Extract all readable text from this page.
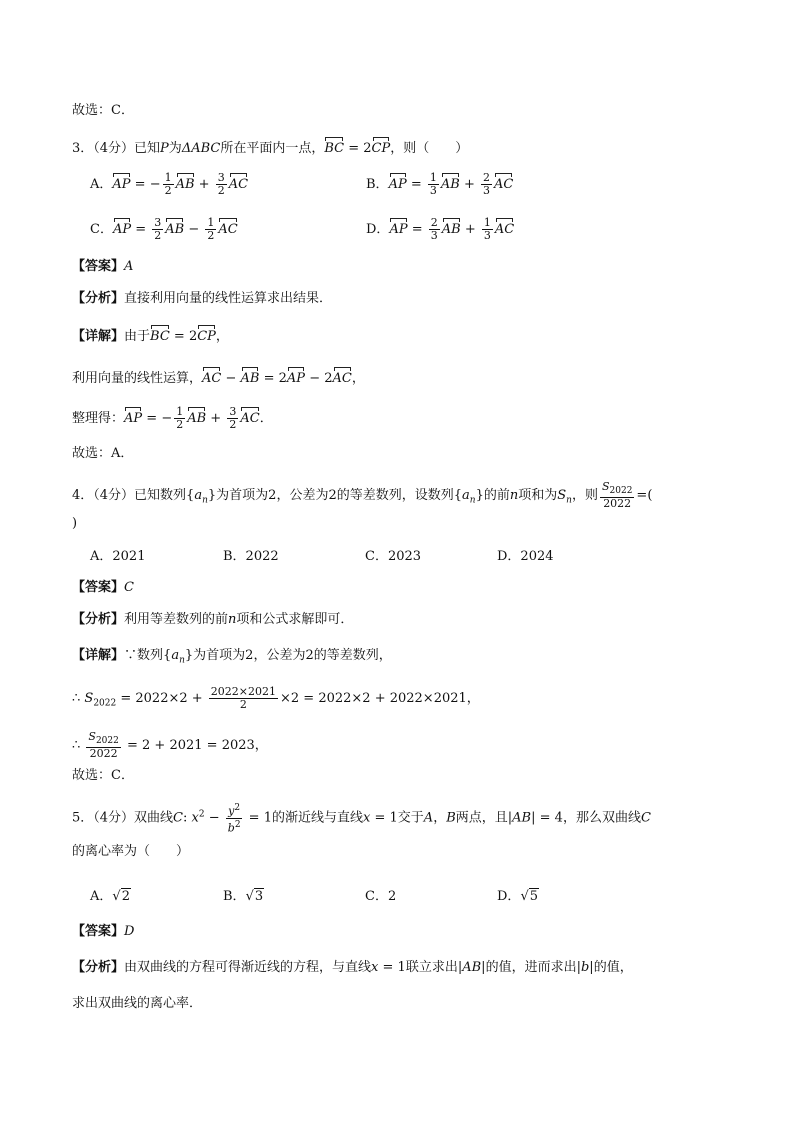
故选：C．
3．（4分）已知P为ΔABC所在平面内一点，BC = 2CP，则（　　）
A．AP = − $\frac{1}{2}$ AB + $\frac{3}{2}$ AC	B．AP = $\frac{1}{3}$ AB + $\frac{2}{3}$ AC
C．AP = $\frac{3}{2}$ AB − $\frac{1}{2}$ AC	D．AP = $\frac{2}{3}$ AB + $\frac{1}{3}$ AC
【答案】A
【分析】直接利用向量的线性运算求出结果．
【详解】由于BC = 2CP，
利用向量的线性运算，AC − AB = 2AP − 2AC，
整理得：AP = − $\frac{1}{2}$ AB + $\frac{3}{2}$ AC．
故选：A．
4．（4分）已知数列$\{a_n\}$为首项为2，公差为2的等差数列，设数列$\{a_n\}$的前n项和为$S_n$，则 $\frac{S_{2022}}{2022}$ =(
)
A．2021	B．2022	C．2023	D．2024
【答案】C
【分析】利用等差数列的前n项和公式求解即可．
【详解】∵数列$\{a_n\}$为首项为2，公差为2的等差数列，
∴ $S_{2022} = 2022\times 2 + \frac{2022\times 2021}{2} \times 2 = 2022\times 2 + 2022\times 2021$，
∴ $\frac{S_{2022}}{2022} = 2 + 2021 = 2023$，
故选：C．
5．（4分）双曲线C: $x^2 - \frac{y^2}{b^2} = 1$的渐近线与直线x = 1交于A，B两点，且|AB| = 4，那么双曲线C
的离心率为（　　）
A．√2	B．√3	C．2	D．√5
【答案】D
【分析】由双曲线的方程可得渐近线的方程，与直线x = 1联立求出|AB|的值，进而求出|b|的值，
求出双曲线的离心率．
